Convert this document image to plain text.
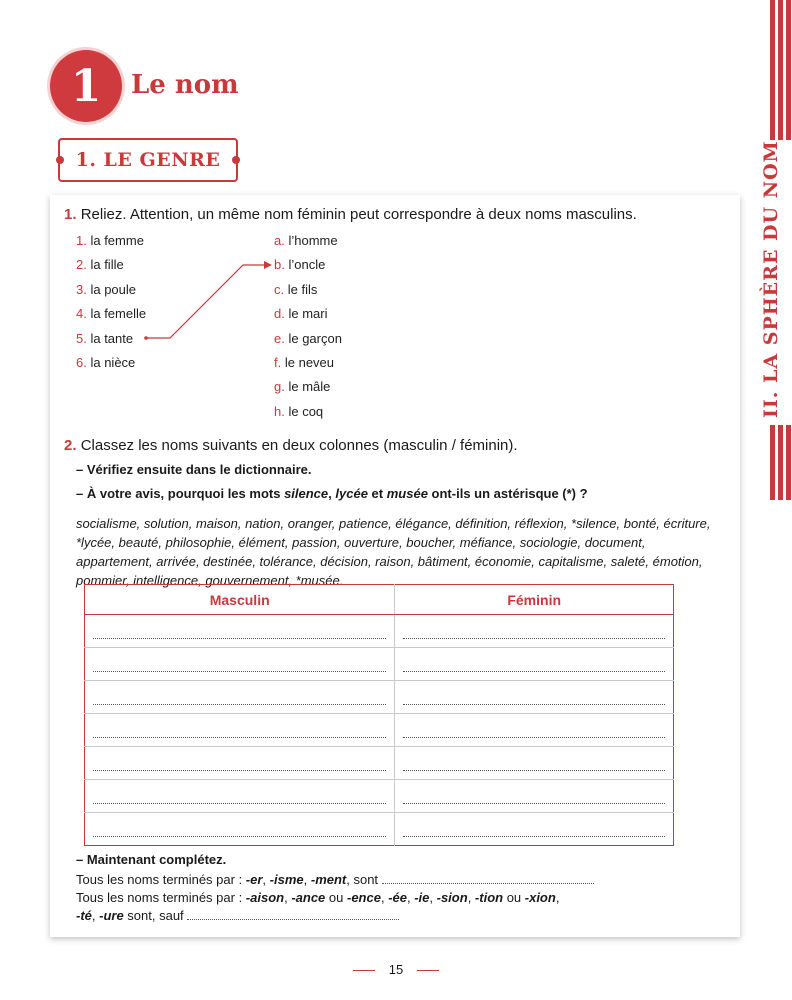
1 Le nom
1. LE GENRE	II. LA SPHÈRE DU NOM
1. Reliez. Attention, un même nom féminin peut correspondre à deux noms masculins.
1. la femme
2. la fille
3. la poule
4. la femelle
5. la tante
6. la nièce
a. l’homme
b. l’oncle
c. le fils
d. le mari
e. le garçon
f. le neveu
g. le mâle
h. le coq
2. Classez les noms suivants en deux colonnes (masculin / féminin).
– Vérifiez ensuite dans le dictionnaire.
– À votre avis, pourquoi les mots silence, lycée et musée ont-ils un astérisque (*) ?
socialisme, solution, maison, nation, oranger, patience, élégance, définition, réflexion, *silence, bonté, écriture, *lycée, beauté, philosophie, élément, passion, ouverture, boucher, méfiance, sociologie, document, appartement, arrivée, destinée, tolérance, décision, raison, bâtiment, économie, capitalisme, saleté, émotion, pommier, intelligence, gouvernement, *musée.
Masculin	Féminin

– Maintenant complétez.
Tous les noms terminés par : -er, -isme, -ment, sont
Tous les noms terminés par : -aison, -ance ou -ence, -ée, -ie, -sion, -tion ou -xion,
-té, -ure sont, sauf
15
